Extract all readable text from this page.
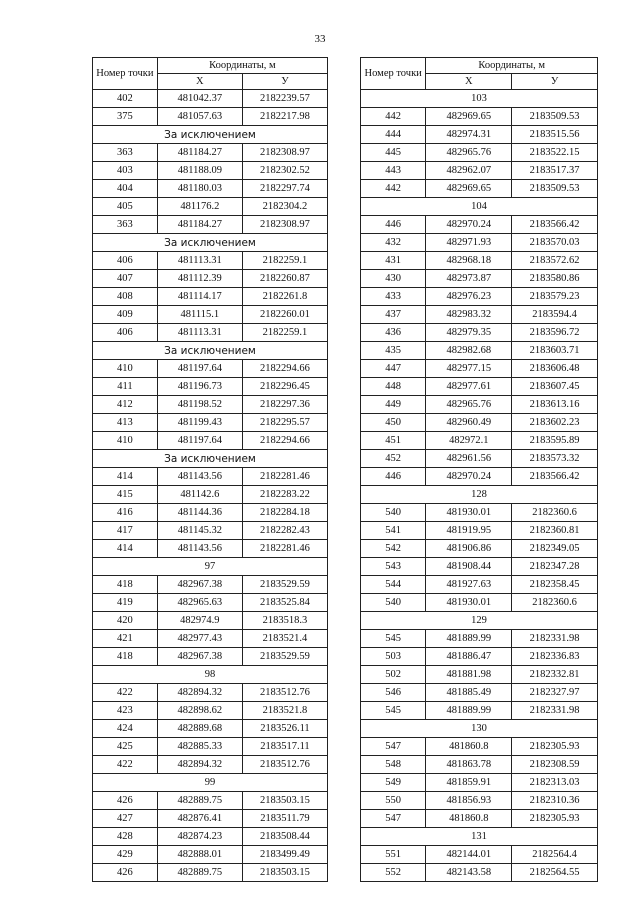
33
Номер точки	Координаты, м	
	X	У
402	481042.37	2182239.57
375	481057.63	2182217.98
За исключением		
363	481184.27	2182308.97
403	481188.09	2182302.52
404	481180.03	2182297.74
405	481176.2	2182304.2
363	481184.27	2182308.97
За исключением		
406	481113.31	2182259.1
407	481112.39	2182260.87
408	481114.17	2182261.8
409	481115.1	2182260.01
406	481113.31	2182259.1
За исключением		
410	481197.64	2182294.66
411	481196.73	2182296.45
412	481198.52	2182297.36
413	481199.43	2182295.57
410	481197.64	2182294.66
За исключением		
414	481143.56	2182281.46
415	481142.6	2182283.22
416	481144.36	2182284.18
417	481145.32	2182282.43
414	481143.56	2182281.46
97		
418	482967.38	2183529.59
419	482965.63	2183525.84
420	482974.9	2183518.3
421	482977.43	2183521.4
418	482967.38	2183529.59
98		
422	482894.32	2183512.76
423	482898.62	2183521.8
424	482889.68	2183526.11
425	482885.33	2183517.11
422	482894.32	2183512.76
99		
426	482889.75	2183503.15
427	482876.41	2183511.79
428	482874.23	2183508.44
429	482888.01	2183499.49
426	482889.75	2183503.15
Номер точки	Координаты, м	
	X	У
103		
442	482969.65	2183509.53
444	482974.31	2183515.56
445	482965.76	2183522.15
443	482962.07	2183517.37
442	482969.65	2183509.53
104		
446	482970.24	2183566.42
432	482971.93	2183570.03
431	482968.18	2183572.62
430	482973.87	2183580.86
433	482976.23	2183579.23
437	482983.32	2183594.4
436	482979.35	2183596.72
435	482982.68	2183603.71
447	482977.15	2183606.48
448	482977.61	2183607.45
449	482965.76	2183613.16
450	482960.49	2183602.23
451	482972.1	2183595.89
452	482961.56	2183573.32
446	482970.24	2183566.42
128		
540	481930.01	2182360.6
541	481919.95	2182360.81
542	481906.86	2182349.05
543	481908.44	2182347.28
544	481927.63	2182358.45
540	481930.01	2182360.6
129		
545	481889.99	2182331.98
503	481886.47	2182336.83
502	481881.98	2182332.81
546	481885.49	2182327.97
545	481889.99	2182331.98
130		
547	481860.8	2182305.93
548	481863.78	2182308.59
549	481859.91	2182313.03
550	481856.93	2182310.36
547	481860.8	2182305.93
131		
551	482144.01	2182564.4
552	482143.58	2182564.55
